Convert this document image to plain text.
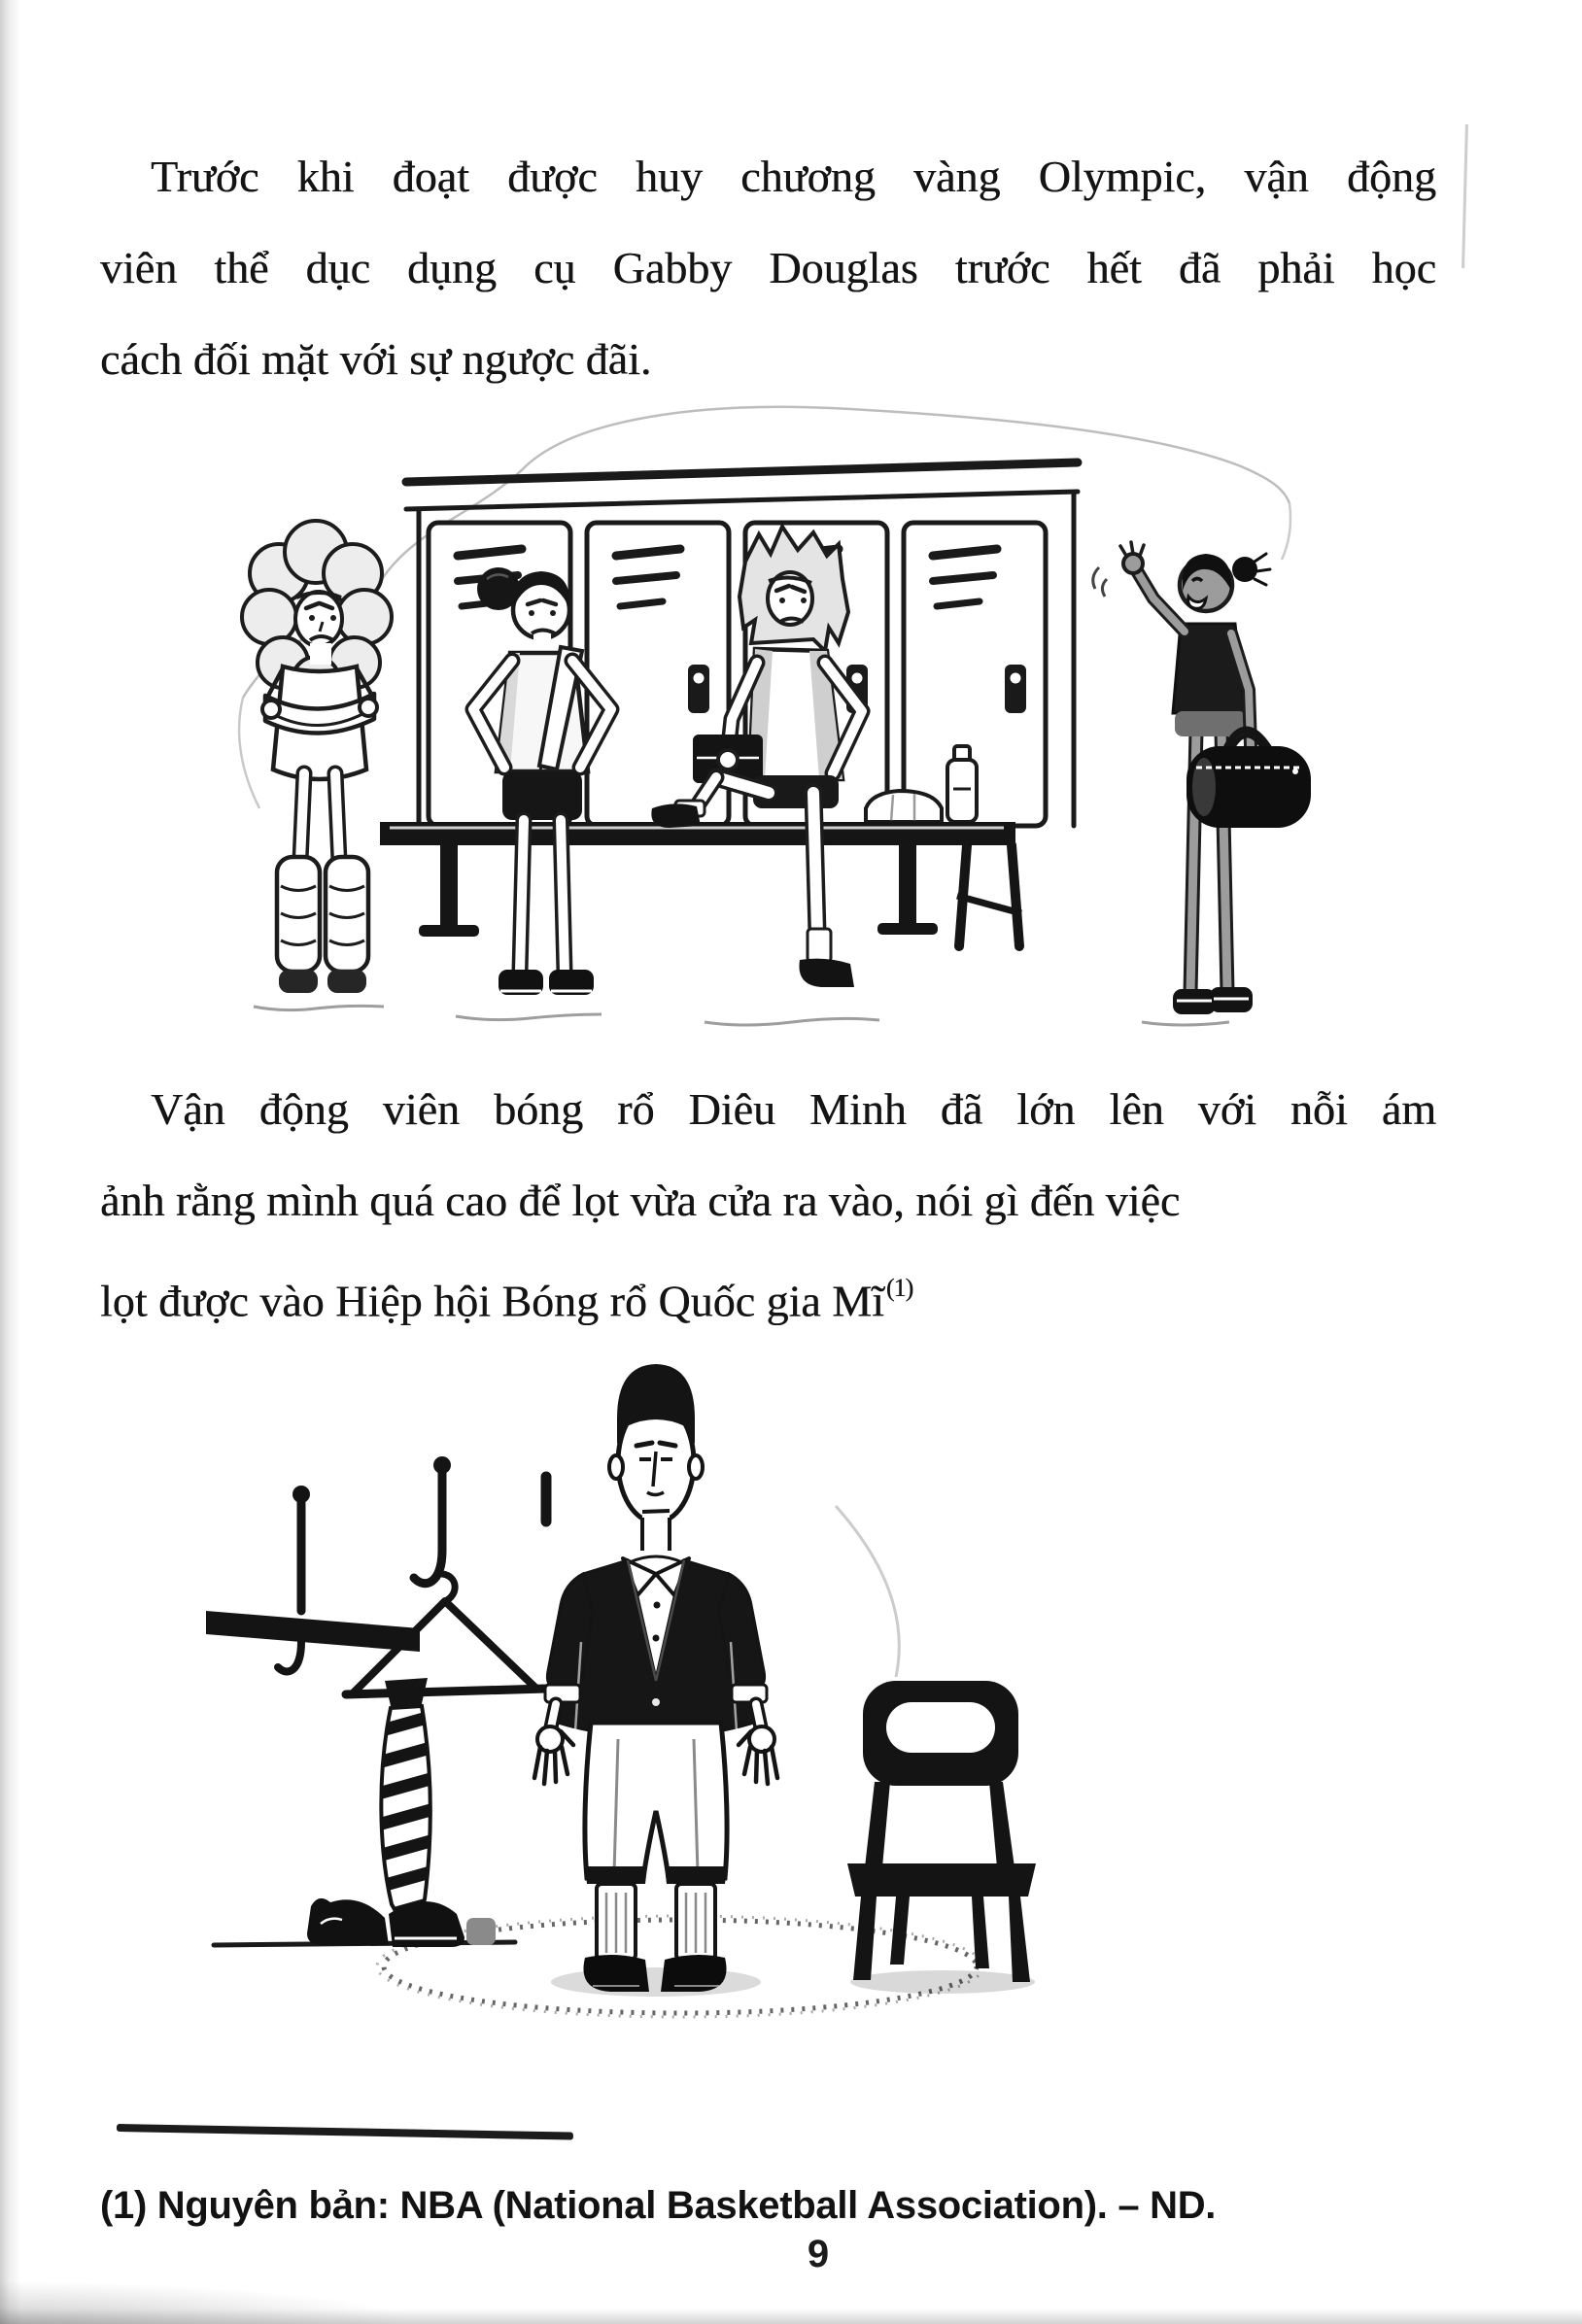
Trước khi đoạt được huy chương vàng Olympic, vận động
viên thể dục dụng cụ Gabby Douglas trước hết đã phải học
cách đối mặt với sự ngược đãi.
Vận động viên bóng rổ Diêu Minh đã lớn lên với nỗi ám
ảnh rằng mình quá cao để lọt vừa cửa ra vào, nói gì đến việc
lọt được vào Hiệp hội Bóng rổ Quốc gia Mĩ$^{(1)}$

(1) Nguyên bản: NBA (National Basketball Association). – ND.

9
